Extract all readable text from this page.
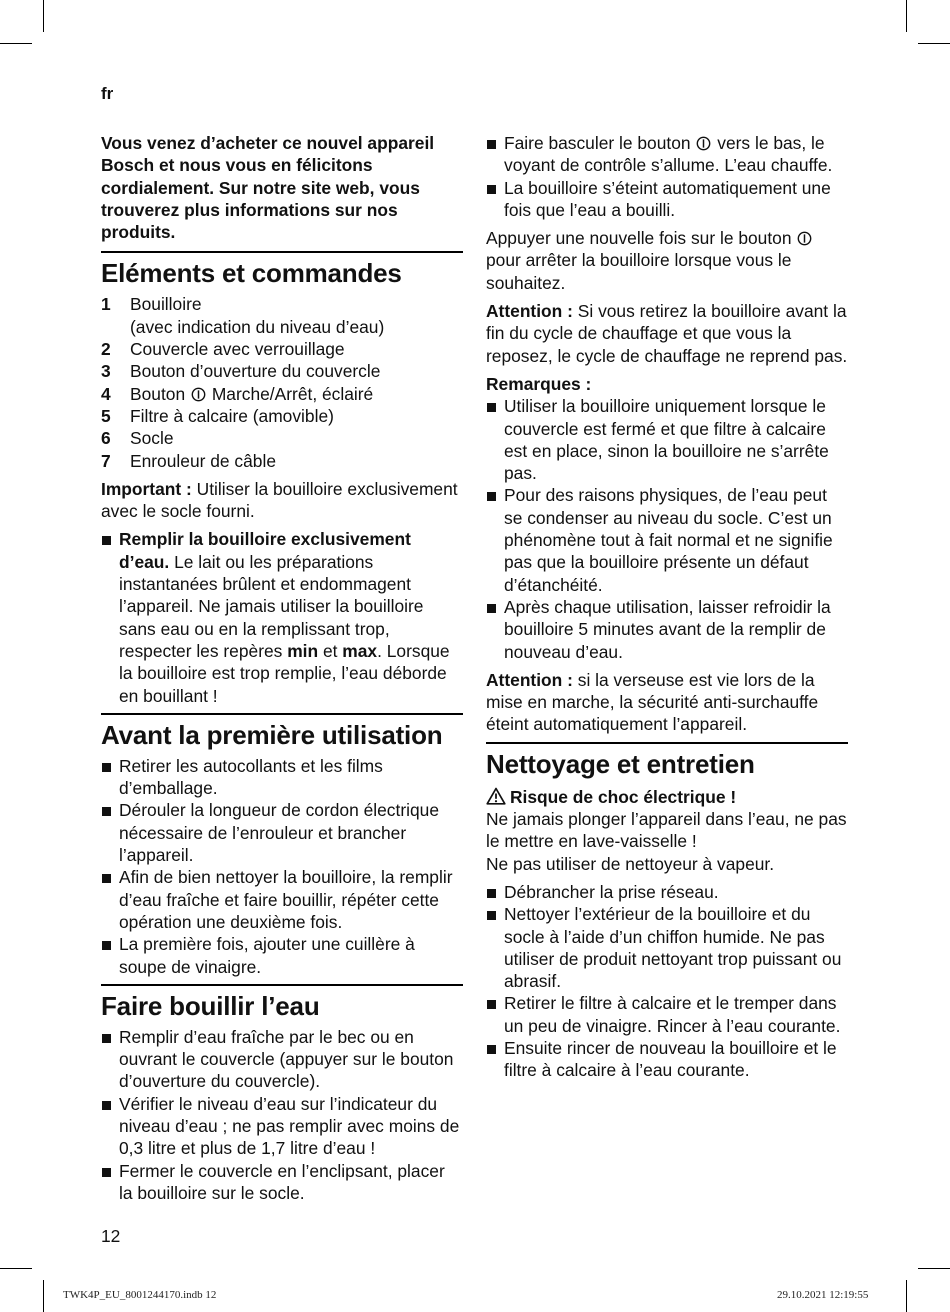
fr

Vous venez d’acheter ce nouvel appareil Bosch et nous vous en félicitons cordialement. Sur notre site web, vous trouverez plus informations sur nos produits.

Eléments et commandes
1 Bouilloire
(avec indication du niveau d’eau)
2 Couvercle avec verrouillage
3 Bouton d’ouverture du couvercle
4 Bouton Marche/Arrêt, éclairé
5 Filtre à calcaire (amovible)
6 Socle
7 Enrouleur de câble

Important : Utiliser la bouilloire exclusivement avec le socle fourni.

Remplir la bouilloire exclusivement d’eau. Le lait ou les préparations instantanées brûlent et endommagent l’appareil. Ne jamais utiliser la bouilloire sans eau ou en la remplissant trop, respecter les repères min et max. Lorsque la bouilloire est trop remplie, l’eau déborde en bouillant !
Avant la première utilisation
Retirer les autocollants et les films d’emballage.
Dérouler la longueur de cordon électrique nécessaire de l’enrouleur et brancher l’appareil.
Afin de bien nettoyer la bouilloire, la remplir d’eau fraîche et faire bouillir, répéter cette opération une deuxième fois.
La première fois, ajouter une cuillère à soupe de vinaigre.
Faire bouillir l’eau
Remplir d’eau fraîche par le bec ou en ouvrant le couvercle (appuyer sur le bouton d’ouverture du couvercle).
Vérifier le niveau d’eau sur l’indicateur du niveau d’eau ; ne pas remplir avec moins de 0,3 litre et plus de 1,7 litre d’eau !
Fermer le couvercle en l’enclipsant, placer la bouilloire sur le socle.
Faire basculer le bouton vers le bas, le voyant de contrôle s’allume. L’eau chauffe.
La bouilloire s’éteint automatiquement une fois que l’eau a bouilli.

Appuyer une nouvelle fois sur le bouton  pour arrêter la bouilloire lorsque vous le souhaitez.

Attention : Si vous retirez la bouilloire avant la fin du cycle de chauffage et que vous la reposez, le cycle de chauffage ne reprend pas.

Remarques :

Utiliser la bouilloire uniquement lorsque le couvercle est fermé et que filtre à calcaire est en place, sinon la bouilloire ne s’arrête pas.
Pour des raisons physiques, de l’eau peut se condenser au niveau du socle. C’est un phénomène tout à fait normal et ne signifie pas que la bouilloire présente un défaut d’étanchéité.
Après chaque utilisation, laisser refroidir la bouilloire 5 minutes avant de la remplir de nouveau d’eau.

Attention : si la verseuse est vie lors de la mise en marche, la sécurité anti-surchauffe éteint automatiquement l’appareil.

Nettoyage et entretien

Risque de choc électrique !

Ne jamais plonger l’appareil dans l’eau, ne pas le mettre en lave-vaisselle !

Ne pas utiliser de nettoyeur à vapeur.

Débrancher la prise réseau.
Nettoyer l’extérieur de la bouilloire et du socle à l’aide d’un chiffon humide. Ne pas utiliser de produit nettoyant trop puissant ou abrasif.
Retirer le filtre à calcaire et le tremper dans un peu de vinaigre. Rincer à l’eau courante.
Ensuite rincer de nouveau la bouilloire et le filtre à calcaire à l’eau courante.
12
TWK4P_EU_8001244170.indb 12	29.10.2021 12:19:55
